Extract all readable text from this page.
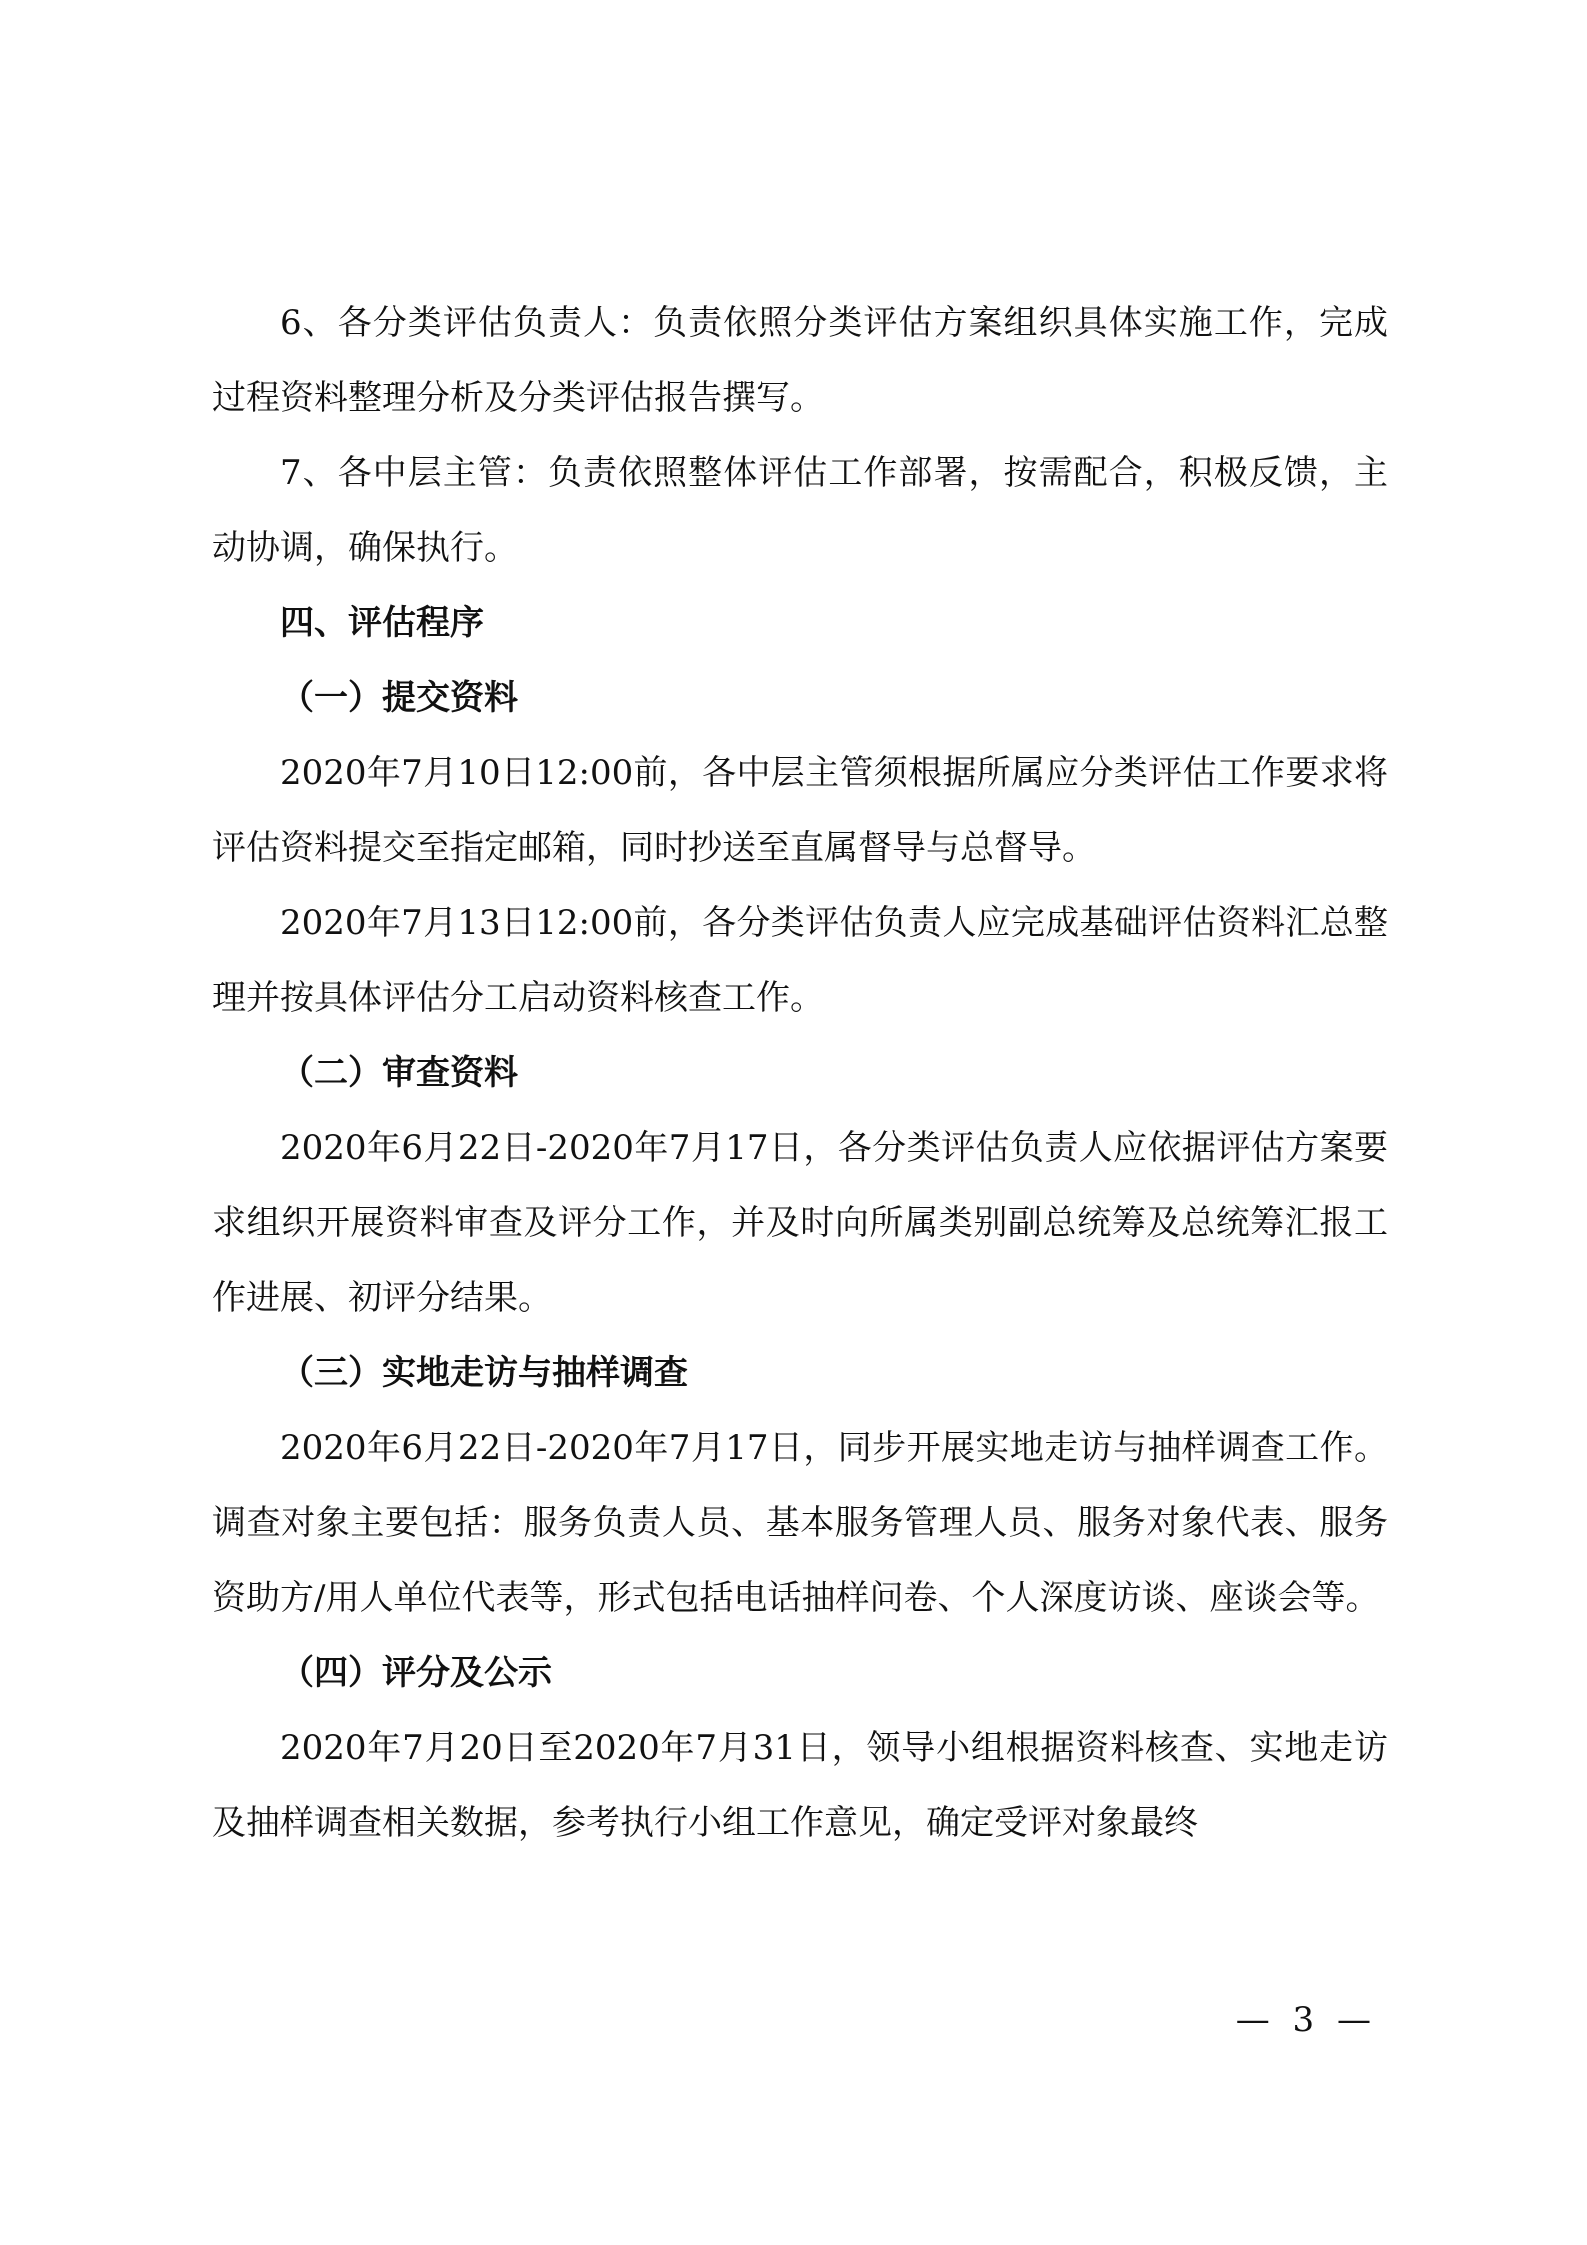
6、各分类评估负责人：负责依照分类评估方案组织具体实施工作，完成过程资料整理分析及分类评估报告撰写。

7、各中层主管：负责依照整体评估工作部署，按需配合，积极反馈，主动协调，确保执行。

四、评估程序

（一）提交资料

2020年7月10日12:00前，各中层主管须根据所属应分类评估工作要求将评估资料提交至指定邮箱，同时抄送至直属督导与总督导。

2020年7月13日12:00前，各分类评估负责人应完成基础评估资料汇总整理并按具体评估分工启动资料核查工作。

（二）审查资料

2020年6月22日-2020年7月17日，各分类评估负责人应依据评估方案要求组织开展资料审查及评分工作，并及时向所属类别副总统筹及总统筹汇报工作进展、初评分结果。

（三）实地走访与抽样调查

2020年6月22日-2020年7月17日，同步开展实地走访与抽样调查工作。调查对象主要包括：服务负责人员、基本服务管理人员、服务对象代表、服务资助方/用人单位代表等，形式包括电话抽样问卷、个人深度访谈、座谈会等。

（四）评分及公示

2020年7月20日至2020年7月31日，领导小组根据资料核查、实地走访及抽样调查相关数据，参考执行小组工作意见，确定受评对象最终

— 3 —
